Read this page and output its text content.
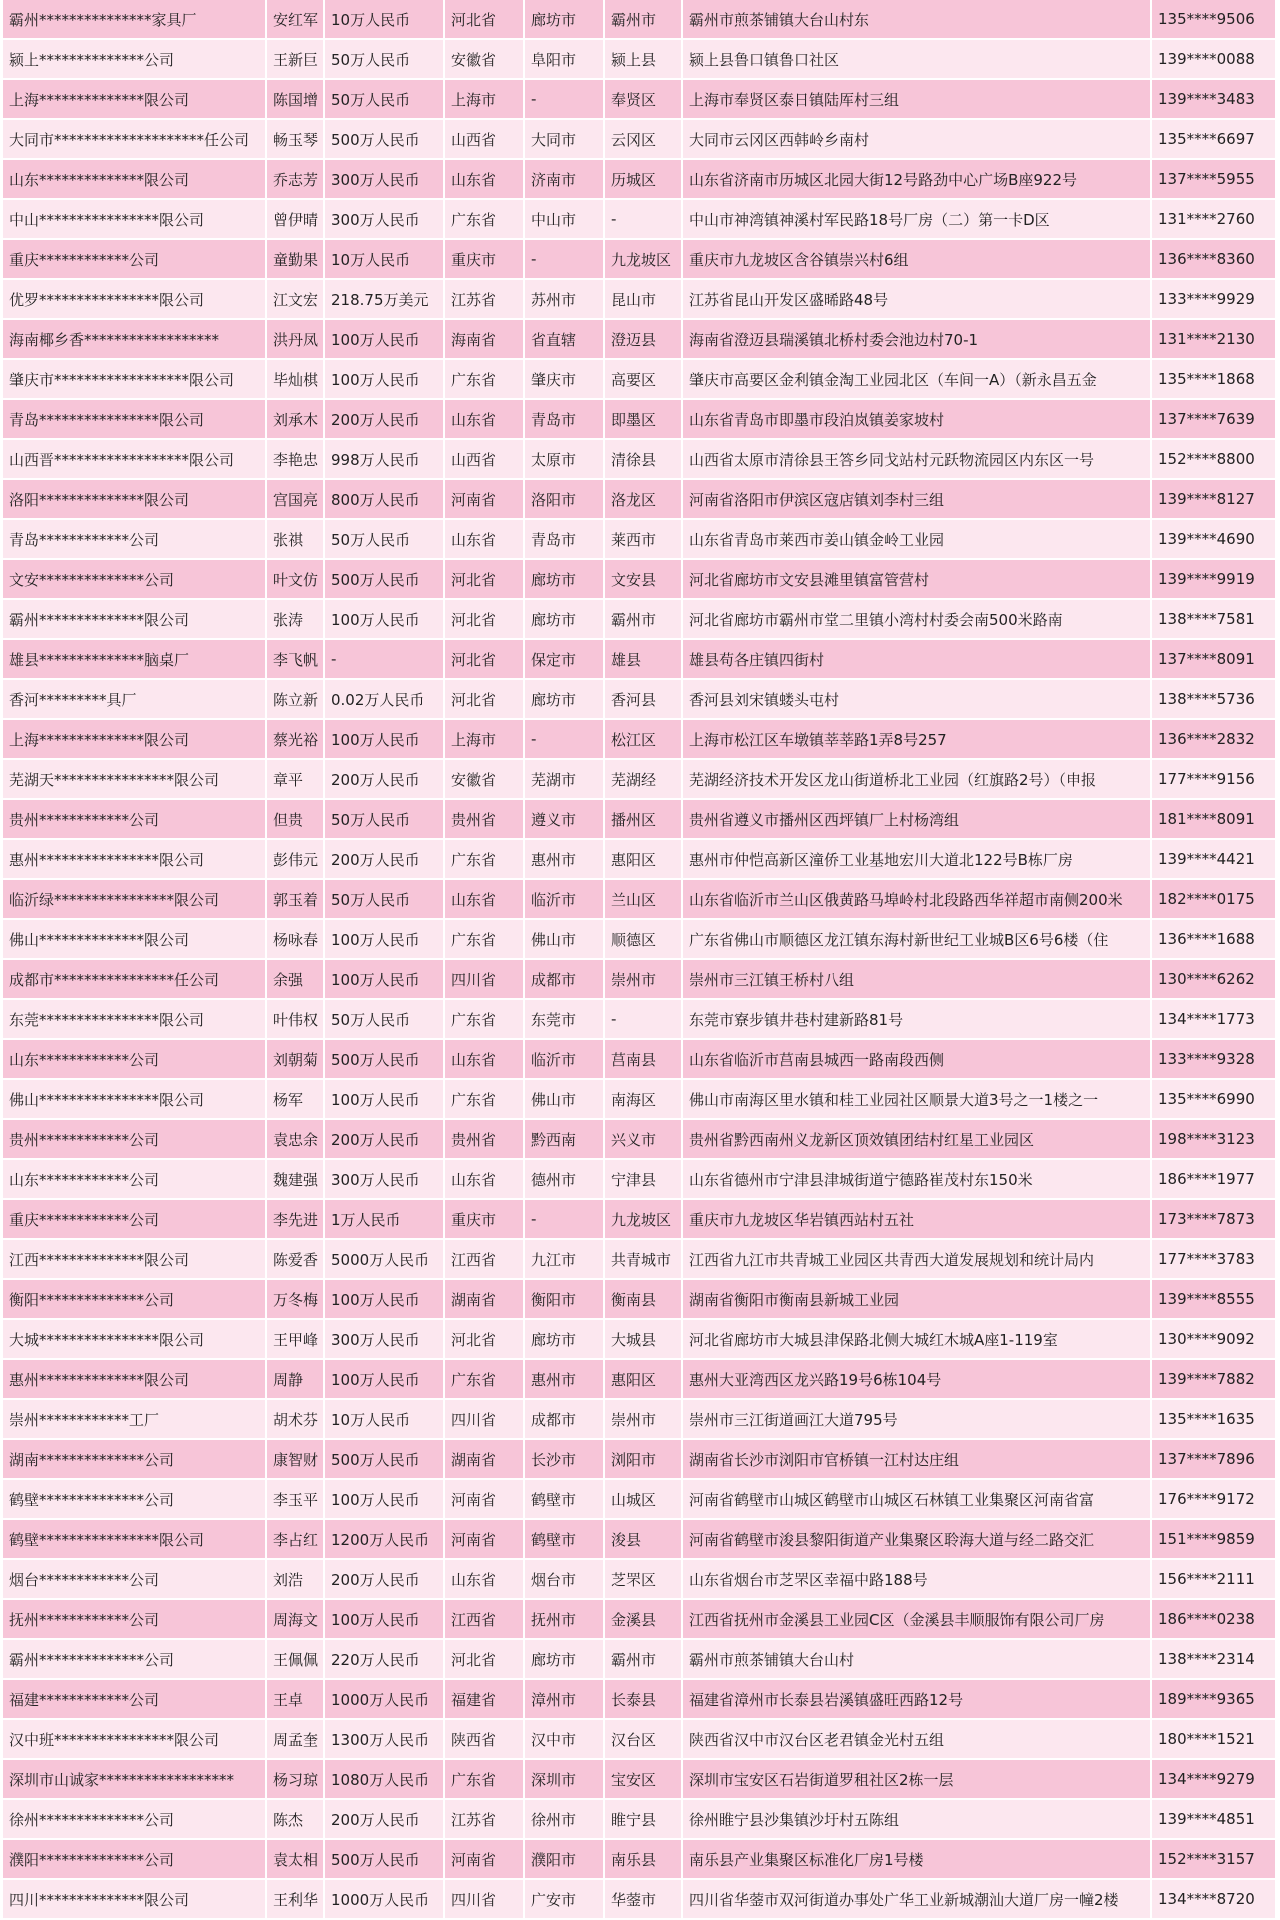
霸州***************家具厂	安红军	10万人民币	河北省	廊坊市	霸州市	霸州市煎茶铺镇大台山村东	135****9506
颍上**************公司	王新巨	50万人民币	安徽省	阜阳市	颍上县	颍上县鲁口镇鲁口社区	139****0088
上海**************限公司	陈国增	50万人民币	上海市	-	奉贤区	上海市奉贤区泰日镇陆厍村三组	139****3483
大同市********************任公司	畅玉琴	500万人民币	山西省	大同市	云冈区	大同市云冈区西韩岭乡南村	135****6697
山东**************限公司	乔志芳	300万人民币	山东省	济南市	历城区	山东省济南市历城区北园大街12号路劲中心广场B座922号	137****5955
中山****************限公司	曾伊晴	300万人民币	广东省	中山市	-	中山市神湾镇神溪村军民路18号厂房（二）第一卡D区	131****2760
重庆************公司	童勤果	10万人民币	重庆市	-	九龙坡区	重庆市九龙坡区含谷镇崇兴村6组	136****8360
优罗****************限公司	江文宏	218.75万美元	江苏省	苏州市	昆山市	江苏省昆山开发区盛晞路48号	133****9929
海南椰乡香******************	洪丹凤	100万人民币	海南省	省直辖	澄迈县	海南省澄迈县瑞溪镇北桥村委会池边村70-1	131****2130
肇庆市******************限公司	毕灿棋	100万人民币	广东省	肇庆市	高要区	肇庆市高要区金利镇金淘工业园北区（车间一A）（新永昌五金	135****1868
青岛****************限公司	刘承木	200万人民币	山东省	青岛市	即墨区	山东省青岛市即墨市段泊岚镇姜家坡村	137****7639
山西晋******************限公司	李艳忠	998万人民币	山西省	太原市	清徐县	山西省太原市清徐县王答乡同戈站村元跃物流园区内东区一号	152****8800
洛阳**************限公司	宫国亮	800万人民币	河南省	洛阳市	洛龙区	河南省洛阳市伊滨区寇店镇刘李村三组	139****8127
青岛************公司	张祺	50万人民币	山东省	青岛市	莱西市	山东省青岛市莱西市姜山镇金岭工业园	139****4690
文安**************公司	叶文仿	500万人民币	河北省	廊坊市	文安县	河北省廊坊市文安县滩里镇富管营村	139****9919
霸州**************限公司	张涛	100万人民币	河北省	廊坊市	霸州市	河北省廊坊市霸州市堂二里镇小湾村村委会南500米路南	138****7581
雄县**************脑桌厂	李飞帆	-	河北省	保定市	雄县	雄县苟各庄镇四街村	137****8091
香河*********具厂	陈立新	0.02万人民币	河北省	廊坊市	香河县	香河县刘宋镇蝼头屯村	138****5736
上海**************限公司	蔡光裕	100万人民币	上海市	-	松江区	上海市松江区车墩镇莘莘路1弄8号257	136****2832
芜湖天****************限公司	章平	200万人民币	安徽省	芜湖市	芜湖经	芜湖经济技术开发区龙山街道桥北工业园（红旗路2号）（申报	177****9156
贵州************公司	但贵	50万人民币	贵州省	遵义市	播州区	贵州省遵义市播州区西坪镇厂上村杨湾组	181****8091
惠州****************限公司	彭伟元	200万人民币	广东省	惠州市	惠阳区	惠州市仲恺高新区潼侨工业基地宏川大道北122号B栋厂房	139****4421
临沂绿****************限公司	郭玉着	50万人民币	山东省	临沂市	兰山区	山东省临沂市兰山区俄黄路马埠岭村北段路西华祥超市南侧200米	182****0175
佛山**************限公司	杨咏春	100万人民币	广东省	佛山市	顺德区	广东省佛山市顺德区龙江镇东海村新世纪工业城B区6号6楼（住	136****1688
成都市****************任公司	余强	100万人民币	四川省	成都市	崇州市	崇州市三江镇王桥村八组	130****6262
东莞****************限公司	叶伟权	50万人民币	广东省	东莞市	-	东莞市寮步镇井巷村建新路81号	134****1773
山东************公司	刘朝菊	500万人民币	山东省	临沂市	莒南县	山东省临沂市莒南县城西一路南段西侧	133****9328
佛山****************限公司	杨军	100万人民币	广东省	佛山市	南海区	佛山市南海区里水镇和桂工业园社区顺景大道3号之一1楼之一	135****6990
贵州************公司	袁忠余	200万人民币	贵州省	黔西南	兴义市	贵州省黔西南州义龙新区顶效镇团结村红星工业园区	198****3123
山东************公司	魏建强	300万人民币	山东省	德州市	宁津县	山东省德州市宁津县津城街道宁德路崔茂村东150米	186****1977
重庆************公司	李先进	1万人民币	重庆市	-	九龙坡区	重庆市九龙坡区华岩镇西站村五社	173****7873
江西**************限公司	陈爱香	5000万人民币	江西省	九江市	共青城市	江西省九江市共青城工业园区共青西大道发展规划和统计局内	177****3783
衡阳**************公司	万冬梅	100万人民币	湖南省	衡阳市	衡南县	湖南省衡阳市衡南县新城工业园	139****8555
大城****************限公司	王甲峰	300万人民币	河北省	廊坊市	大城县	河北省廊坊市大城县津保路北侧大城红木城A座1-119室	130****9092
惠州**************限公司	周静	100万人民币	广东省	惠州市	惠阳区	惠州大亚湾西区龙兴路19号6栋104号	139****7882
崇州************工厂	胡术芬	10万人民币	四川省	成都市	崇州市	崇州市三江街道画江大道795号	135****1635
湖南**************公司	康智财	500万人民币	湖南省	长沙市	浏阳市	湖南省长沙市浏阳市官桥镇一江村达庄组	137****7896
鹤壁**************公司	李玉平	100万人民币	河南省	鹤壁市	山城区	河南省鹤壁市山城区鹤壁市山城区石林镇工业集聚区河南省富	176****9172
鹤壁****************限公司	李占红	1200万人民币	河南省	鹤壁市	浚县	河南省鹤壁市浚县黎阳街道产业集聚区聆海大道与经二路交汇	151****9859
烟台************公司	刘浩	200万人民币	山东省	烟台市	芝罘区	山东省烟台市芝罘区幸福中路188号	156****2111
抚州************公司	周海文	100万人民币	江西省	抚州市	金溪县	江西省抚州市金溪县工业园C区（金溪县丰顺服饰有限公司厂房	186****0238
霸州**************公司	王佩佩	220万人民币	河北省	廊坊市	霸州市	霸州市煎茶铺镇大台山村	138****2314
福建************公司	王卓	1000万人民币	福建省	漳州市	长泰县	福建省漳州市长泰县岩溪镇盛旺西路12号	189****9365
汉中班****************限公司	周孟奎	1300万人民币	陕西省	汉中市	汉台区	陕西省汉中市汉台区老君镇金光村五组	180****1521
深圳市山诚家******************	杨习琼	1080万人民币	广东省	深圳市	宝安区	深圳市宝安区石岩街道罗租社区2栋一层	134****9279
徐州**************公司	陈杰	200万人民币	江苏省	徐州市	睢宁县	徐州睢宁县沙集镇沙圩村五陈组	139****4851
濮阳**************公司	袁太相	500万人民币	河南省	濮阳市	南乐县	南乐县产业集聚区标准化厂房1号楼	152****3157
四川**************限公司	王利华	1000万人民币	四川省	广安市	华蓥市	四川省华蓥市双河街道办事处广华工业新城潮汕大道厂房一幢2楼	134****8720
